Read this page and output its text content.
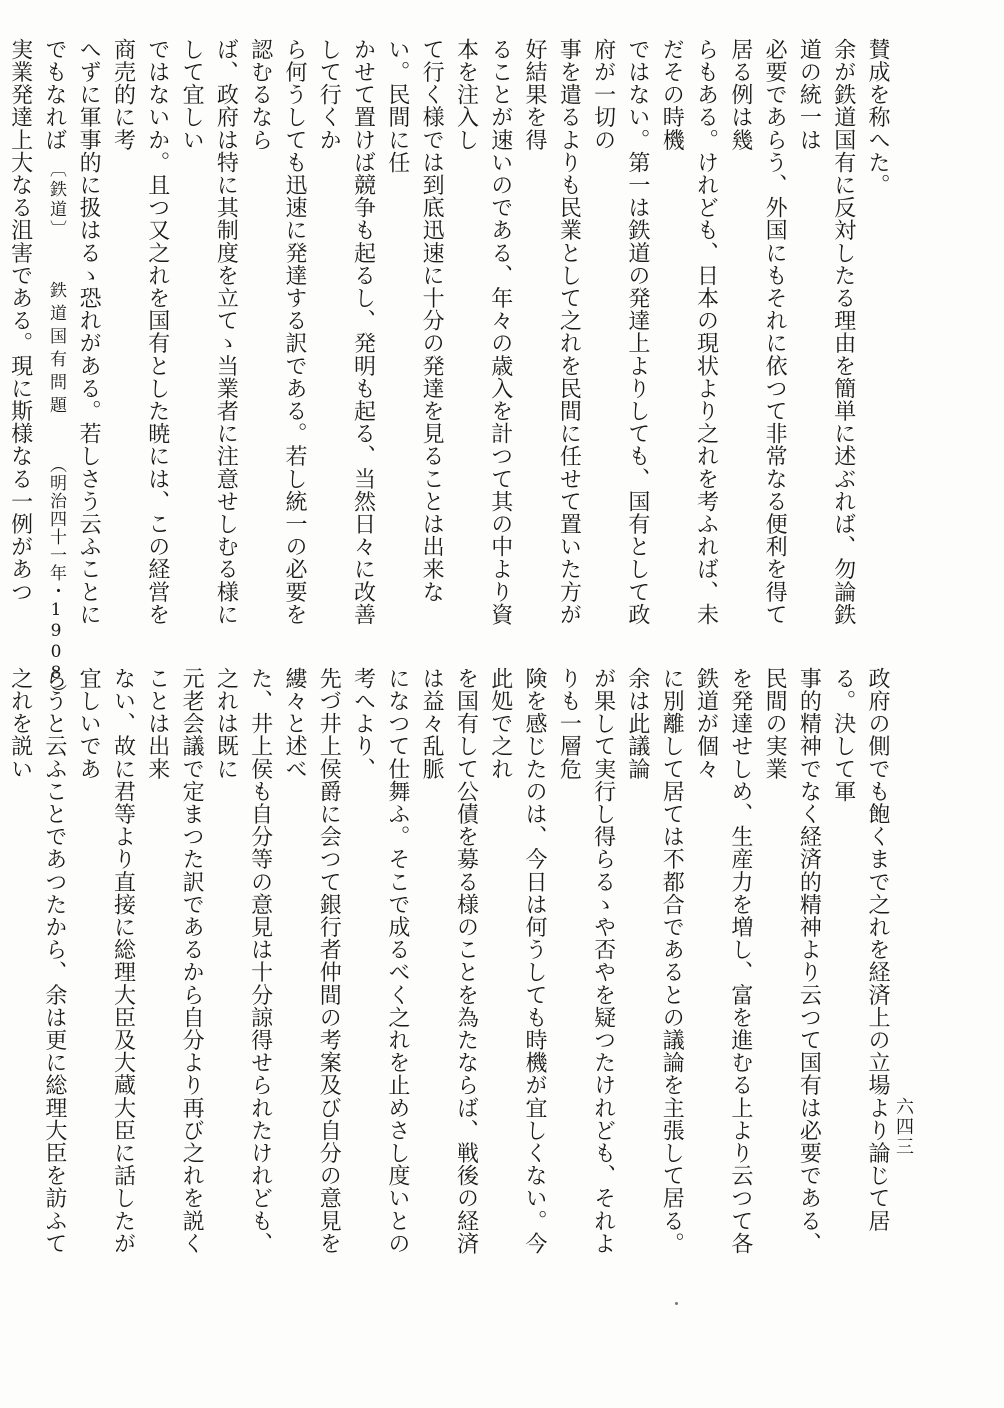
賛成を称へた。
余が鉄道国有に反対したる理由を簡単に述ぶれば、勿論鉄道の統一は
必要であらう、外国にもそれに依つて非常なる便利を得て居る例は幾
らもある。けれども、日本の現状より之れを考ふれば、未だその時機
ではない。第一は鉄道の発達上よりしても、国有として政府が一切の
事を遣るよりも民業として之れを民間に任せて置いた方が好結果を得
ることが速いのである、年々の歳入を計つて其の中より資本を注入し
て行く様では到底迅速に十分の発達を見ることは出来ない。民間に任
かせて置けば競争も起るし、発明も起る、当然日々に改善して行くか
ら何うしても迅速に発達する訳である。若し統一の必要を認むるなら
ば、政府は特に其制度を立てゝ当業者に注意せしむる様にして宜しい
ではないか。且つ又之れを国有とした暁には、この経営を商売的に考
へずに軍事的に扱はるゝ恐れがある。若しさう云ふことにでもなれば
実業発達上大なる沮害である。現に斯様なる一例があつ

政府の側でも飽くまで之れを経済上の立場より論じて居る。決して軍
事的精神でなく経済的精神より云つて国有は必要である、民間の実業
を発達せしめ、生産力を増し、富を進むる上より云つて各鉄道が個々
に別離して居ては不都合であるとの議論を主張して居る。余は此議論
が果して実行し得らるゝや否やを疑つたけれども、それよりも一層危
険を感じたのは、今日は何うしても時機が宜しくない。今此処で之れ
を国有して公債を募る様のことを為たならば、戦後の経済は益々乱脈
になつて仕舞ふ。そこで成るべく之れを止めさし度いとの考へより、
先づ井上侯爵に会つて銀行者仲間の考案及び自分の意見を縷々と述べ
た、井上侯も自分等の意見は十分諒得せられたけれども、之れは既に
元老会議で定まつた訳であるから自分より再び之れを説くことは出来
ない、故に君等より直接に総理大臣及大蔵大臣に話したが宜しいであ
らうと云ふことであつたから、余は更に総理大臣を訪ふて之れを説い

六四三
〔鉄道〕 鉄道国有問題 （明治四十一年・1908）
